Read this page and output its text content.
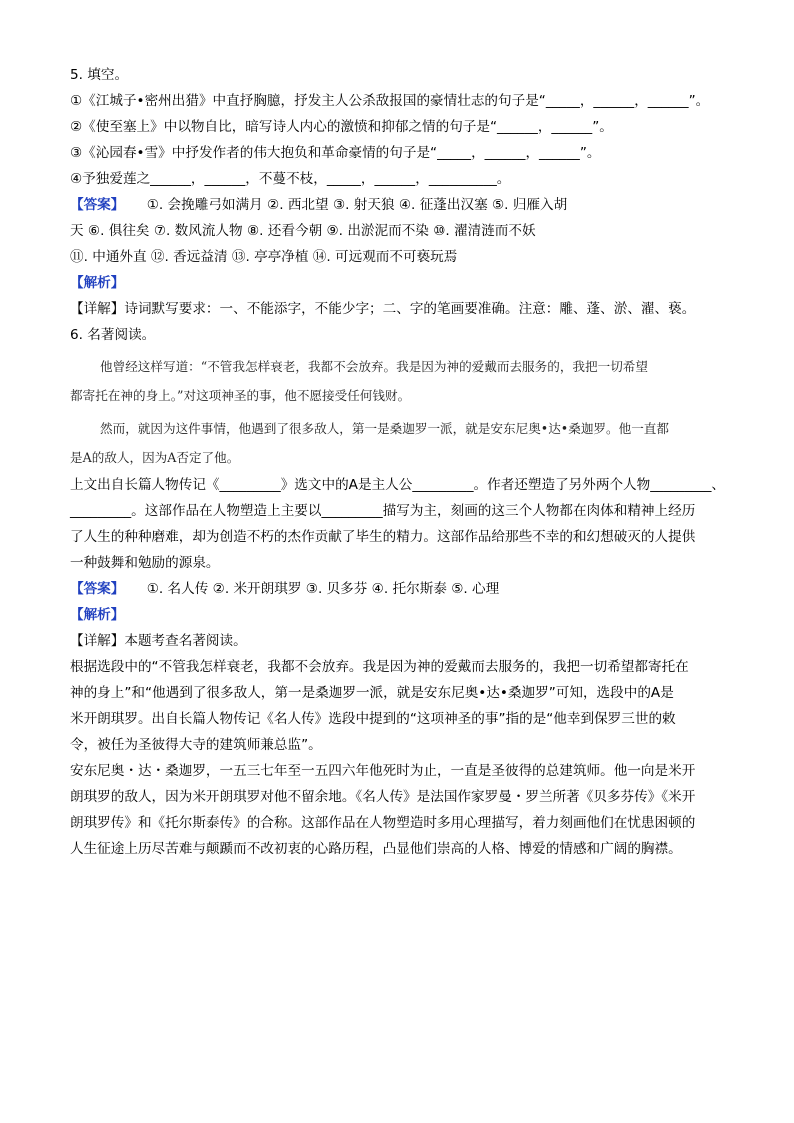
5. 填空。
①《江城子•密州出猎》中直抒胸臆，抒发主人公杀敌报国的豪情壮志的句子是“_____，______，______”。
②《使至塞上》中以物自比，暗写诗人内心的激愤和抑郁之情的句子是“______，______”。
③《沁园春•雪》中抒发作者的伟大抱负和革命豪情的句子是“_____，______，______”。
④予独爱莲之______，______，不蔓不枝，_____，______，__________。
【答案】 ①. 会挽雕弓如满月 ②. 西北望 ③. 射天狼 ④. 征蓬出汉塞 ⑤. 归雁入胡
天 ⑥. 俱往矣 ⑦. 数风流人物 ⑧. 还看今朝 ⑨. 出淤泥而不染 ⑩. 濯清涟而不妖
⑪. 中通外直 ⑫. 香远益清 ⑬. 亭亭净植 ⑭. 可远观而不可亵玩焉
【解析】
【详解】诗词默写要求：一、不能添字，不能少字；二、字的笔画要准确。注意：雕、蓬、淤、濯、亵。
6. 名著阅读。
他曾经这样写道：“不管我怎样衰老，我都不会放弃。我是因为神的爱戴而去服务的，我把一切希望
都寄托在神的身上。”对这项神圣的事，他不愿接受任何钱财。
然而，就因为这件事情，他遇到了很多敌人，第一是桑迦罗一派，就是安东尼奥•达•桑迦罗。他一直都
是A的敌人，因为A否定了他。
上文出自长篇人物传记《_________》选文中的A是主人公_________。作者还塑造了另外两个人物_________、
_________。这部作品在人物塑造上主要以_________描写为主，刻画的这三个人物都在肉体和精神上经历
了人生的种种磨难，却为创造不朽的杰作贡献了毕生的精力。这部作品给那些不幸的和幻想破灭的人提供
一种鼓舞和勉励的源泉。
【答案】 ①. 名人传 ②. 米开朗琪罗 ③. 贝多芬 ④. 托尔斯泰 ⑤. 心理
【解析】
【详解】本题考查名著阅读。
根据选段中的“不管我怎样衰老，我都不会放弃。我是因为神的爱戴而去服务的，我把一切希望都寄托在
神的身上”和“他遇到了很多敌人，第一是桑迦罗一派，就是安东尼奥•达•桑迦罗”可知，选段中的A是
米开朗琪罗。出自长篇人物传记《名人传》选段中提到的“这项神圣的事”指的是“他幸到保罗三世的敕
令，被任为圣彼得大寺的建筑师兼总监”。
安东尼奥・达・桑迦罗，一五三七年至一五四六年他死时为止，一直是圣彼得的总建筑师。他一向是米开
朗琪罗的敌人，因为米开朗琪罗对他不留余地。《名人传》是法国作家罗曼・罗兰所著《贝多芬传》《米开
朗琪罗传》和《托尔斯泰传》的合称。这部作品在人物塑造时多用心理描写，着力刻画他们在忧患困顿的
人生征途上历尽苦难与颠踬而不改初衷的心路历程，凸显他们崇高的人格、博爱的情感和广阔的胸襟。
